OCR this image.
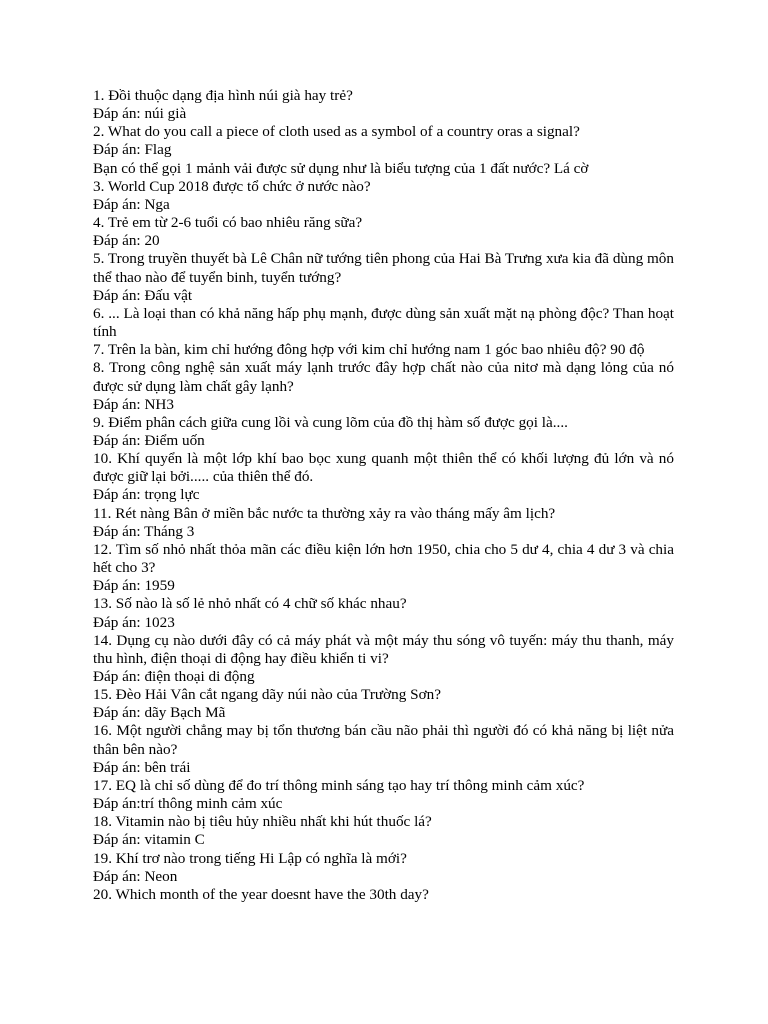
1. Đồi thuộc dạng địa hình núi già hay trẻ?
Đáp án: núi già
2. What do you call a piece of cloth used as a symbol of a country oras a signal?
Đáp án: Flag
Bạn có thể gọi 1 mảnh vải được sử dụng như là biểu tượng của 1 đất nước? Lá cờ
3. World Cup 2018 được tổ chức ở nước nào?
Đáp án: Nga
4. Trẻ em từ 2-6 tuổi có bao nhiêu răng sữa?
Đáp án: 20
5. Trong truyền thuyết bà Lê Chân nữ tướng tiên phong của Hai Bà Trưng xưa kia đã dùng môn thể thao nào để tuyển binh, tuyển tướng?
Đáp án: Đấu vật
6. ... Là loại than có khả năng hấp phụ mạnh, được dùng sản xuất mặt nạ phòng độc? Than hoạt tính
7. Trên la bàn, kim chỉ hướng đông hợp với kim chỉ hướng nam 1 góc bao nhiêu độ? 90 độ
8. Trong công nghệ sản xuất máy lạnh trước đây hợp chất nào của nitơ mà dạng lỏng của nó được sử dụng làm chất gây lạnh?
Đáp án: NH3
9. Điểm phân cách giữa cung lồi và cung lõm của đồ thị hàm số được gọi là....
Đáp án: Điểm uốn
10. Khí quyển là một lớp khí bao bọc xung quanh một thiên thể có khối lượng đủ lớn và nó được giữ lại bởi..... của thiên thể đó.
Đáp án: trọng lực
11. Rét nàng Bân ở miền bắc nước ta thường xảy ra vào tháng mấy âm lịch?
Đáp án: Tháng 3
12. Tìm số nhỏ nhất thỏa mãn các điều kiện lớn hơn 1950, chia cho 5 dư 4, chia 4 dư 3 và chia hết cho 3?
Đáp án: 1959
13. Số nào là số lẻ nhỏ nhất có 4 chữ số khác nhau?
Đáp án: 1023
14. Dụng cụ nào dưới đây có cả máy phát và một máy thu sóng vô tuyến: máy thu thanh, máy thu hình, điện thoại di động hay điều khiển ti vi?
Đáp án: điện thoại di động
15. Đèo Hải Vân cắt ngang dãy núi nào của Trường Sơn?
Đáp án: dãy Bạch Mã
16. Một người chẳng may bị tổn thương bán cầu não phải thì người đó có khả năng bị liệt nửa thân bên nào?
Đáp án: bên trái
17. EQ là chỉ số dùng để đo trí thông minh sáng tạo hay trí thông minh cảm xúc?
Đáp án:trí thông minh cảm xúc
18. Vitamin nào bị tiêu hủy nhiều nhất khi hút thuốc lá?
Đáp án: vitamin C
19. Khí trơ nào trong tiếng Hi Lập có nghĩa là mới?
Đáp án: Neon
20. Which month of the year doesnt have the 30th day?
